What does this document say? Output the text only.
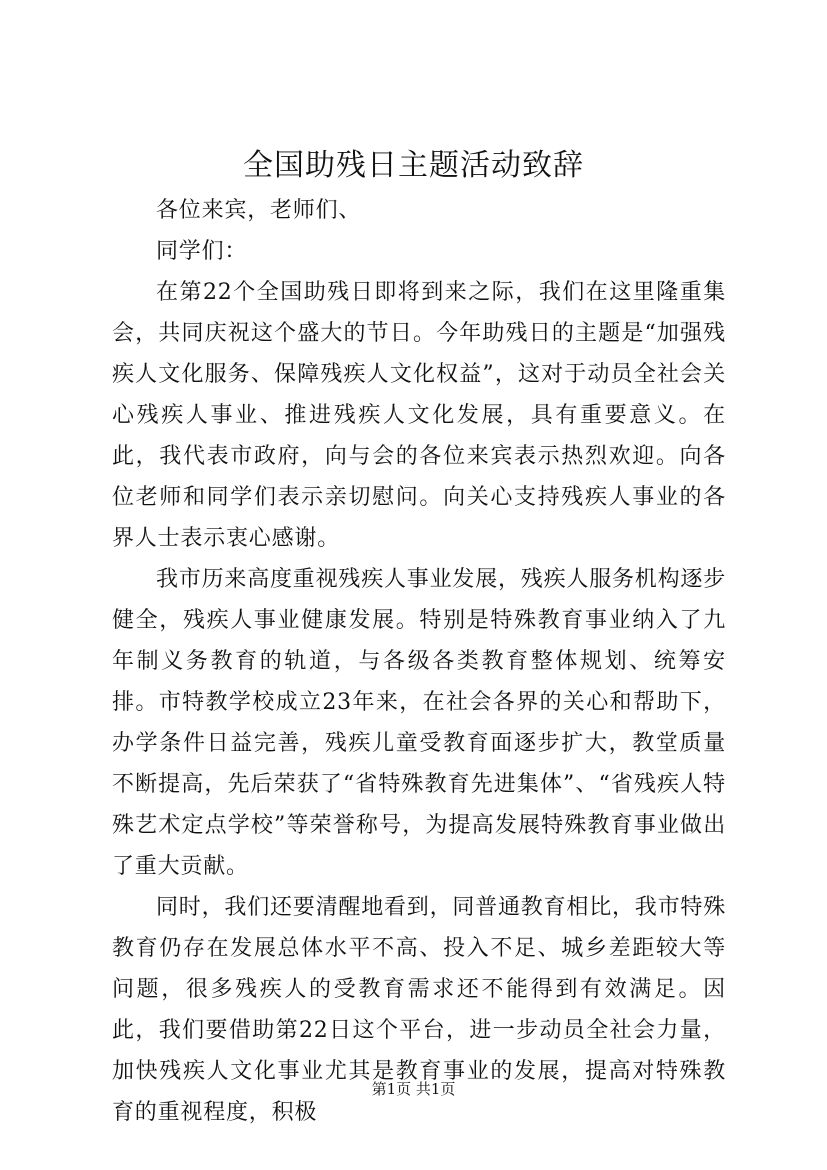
全国助残日主题活动致辞

各位来宾，老师们、

同学们：

在第22个全国助残日即将到来之际，我们在这里隆重集会，共同庆祝这个盛大的节日。今年助残日的主题是“加强残疾人文化服务、保障残疾人文化权益”，这对于动员全社会关心残疾人事业、推进残疾人文化发展，具有重要意义。在此，我代表市政府，向与会的各位来宾表示热烈欢迎。向各位老师和同学们表示亲切慰问。向关心支持残疾人事业的各界人士表示衷心感谢。

我市历来高度重视残疾人事业发展，残疾人服务机构逐步健全，残疾人事业健康发展。特别是特殊教育事业纳入了九年制义务教育的轨道，与各级各类教育整体规划、统筹安排。市特教学校成立23年来，在社会各界的关心和帮助下，办学条件日益完善，残疾儿童受教育面逐步扩大，教堂质量不断提高，先后荣获了“省特殊教育先进集体”、“省残疾人特殊艺术定点学校”等荣誉称号，为提高发展特殊教育事业做出了重大贡献。

同时，我们还要清醒地看到，同普通教育相比，我市特殊教育仍存在发展总体水平不高、投入不足、城乡差距较大等问题，很多残疾人的受教育需求还不能得到有效满足。因此，我们要借助第22日这个平台，进一步动员全社会力量，加快残疾人文化事业尤其是教育事业的发展，提高对特殊教育的重视程度，积极

第1页 共1页
